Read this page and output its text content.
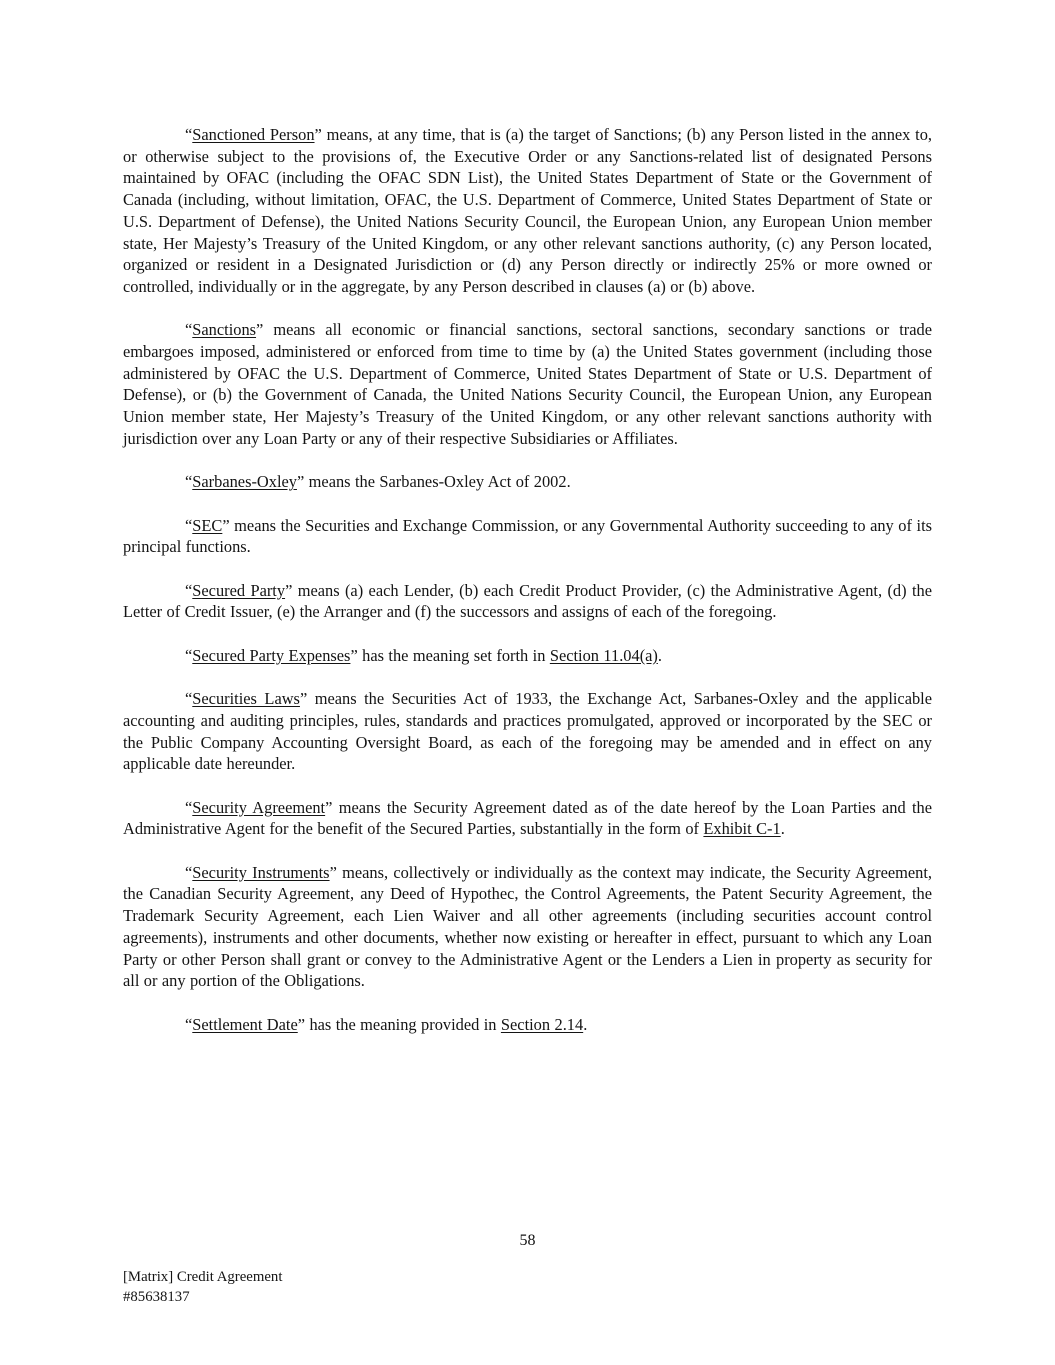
“Sanctioned Person” means, at any time, that is (a) the target of Sanctions; (b) any Person listed in the annex to, or otherwise subject to the provisions of, the Executive Order or any Sanctions-related list of designated Persons maintained by OFAC (including the OFAC SDN List), the United States Department of State or the Government of Canada (including, without limitation, OFAC, the U.S. Department of Commerce, United States Department of State or U.S. Department of Defense), the United Nations Security Council, the European Union, any European Union member state, Her Majesty’s Treasury of the United Kingdom, or any other relevant sanctions authority, (c) any Person located, organized or resident in a Designated Jurisdiction or (d) any Person directly or indirectly 25% or more owned or controlled, individually or in the aggregate, by any Person described in clauses (a) or (b) above.

“Sanctions” means all economic or financial sanctions, sectoral sanctions, secondary sanctions or trade embargoes imposed, administered or enforced from time to time by (a) the United States government (including those administered by OFAC the U.S. Department of Commerce, United States Department of State or U.S. Department of Defense), or (b) the Government of Canada, the United Nations Security Council, the European Union, any European Union member state, Her Majesty’s Treasury of the United Kingdom, or any other relevant sanctions authority with jurisdiction over any Loan Party or any of their respective Subsidiaries or Affiliates.

“Sarbanes-Oxley” means the Sarbanes-Oxley Act of 2002.

“SEC” means the Securities and Exchange Commission, or any Governmental Authority succeeding to any of its principal functions.

“Secured Party” means (a) each Lender, (b) each Credit Product Provider, (c) the Administrative Agent, (d) the Letter of Credit Issuer, (e) the Arranger and (f) the successors and assigns of each of the foregoing.

“Secured Party Expenses” has the meaning set forth in Section 11.04(a).

“Securities Laws” means the Securities Act of 1933, the Exchange Act, Sarbanes-Oxley and the applicable accounting and auditing principles, rules, standards and practices promulgated, approved or incorporated by the SEC or the Public Company Accounting Oversight Board, as each of the foregoing may be amended and in effect on any applicable date hereunder.

“Security Agreement” means the Security Agreement dated as of the date hereof by the Loan Parties and the Administrative Agent for the benefit of the Secured Parties, substantially in the form of Exhibit C-1.

“Security Instruments” means, collectively or individually as the context may indicate, the Security Agreement, the Canadian Security Agreement, any Deed of Hypothec, the Control Agreements, the Patent Security Agreement, the Trademark Security Agreement, each Lien Waiver and all other agreements (including securities account control agreements), instruments and other documents, whether now existing or hereafter in effect, pursuant to which any Loan Party or other Person shall grant or convey to the Administrative Agent or the Lenders a Lien in property as security for all or any portion of the Obligations.

“Settlement Date” has the meaning provided in Section 2.14.

58
[Matrix] Credit Agreement
#85638137
